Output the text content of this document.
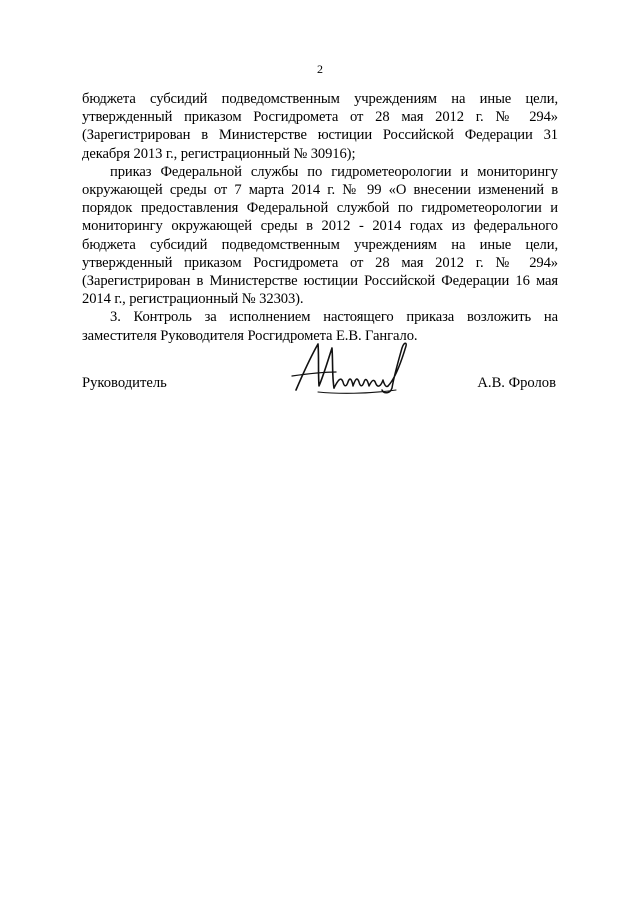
2

бюджета субсидий подведомственным учреждениям на иные цели, утвержденный приказом Росгидромета от 28 мая 2012 г. № 294» (Зарегистрирован в Министерстве юстиции Российской Федерации 31 декабря 2013 г., регистрационный № 30916);

приказ Федеральной службы по гидрометеорологии и мониторингу окружающей среды от 7 марта 2014 г. № 99 «О внесении изменений в порядок предоставления Федеральной службой по гидрометеорологии и мониторингу окружающей среды в 2012 - 2014 годах из федерального бюджета субсидий подведомственным учреждениям на иные цели, утвержденный приказом Росгидромета от 28 мая 2012 г. № 294» (Зарегистрирован в Министерстве юстиции Российской Федерации 16 мая 2014 г., регистрационный № 32303).

3. Контроль за исполнением настоящего приказа возложить на заместителя Руководителя Росгидромета Е.В. Гангало.

Руководитель	А.В. Фролов
